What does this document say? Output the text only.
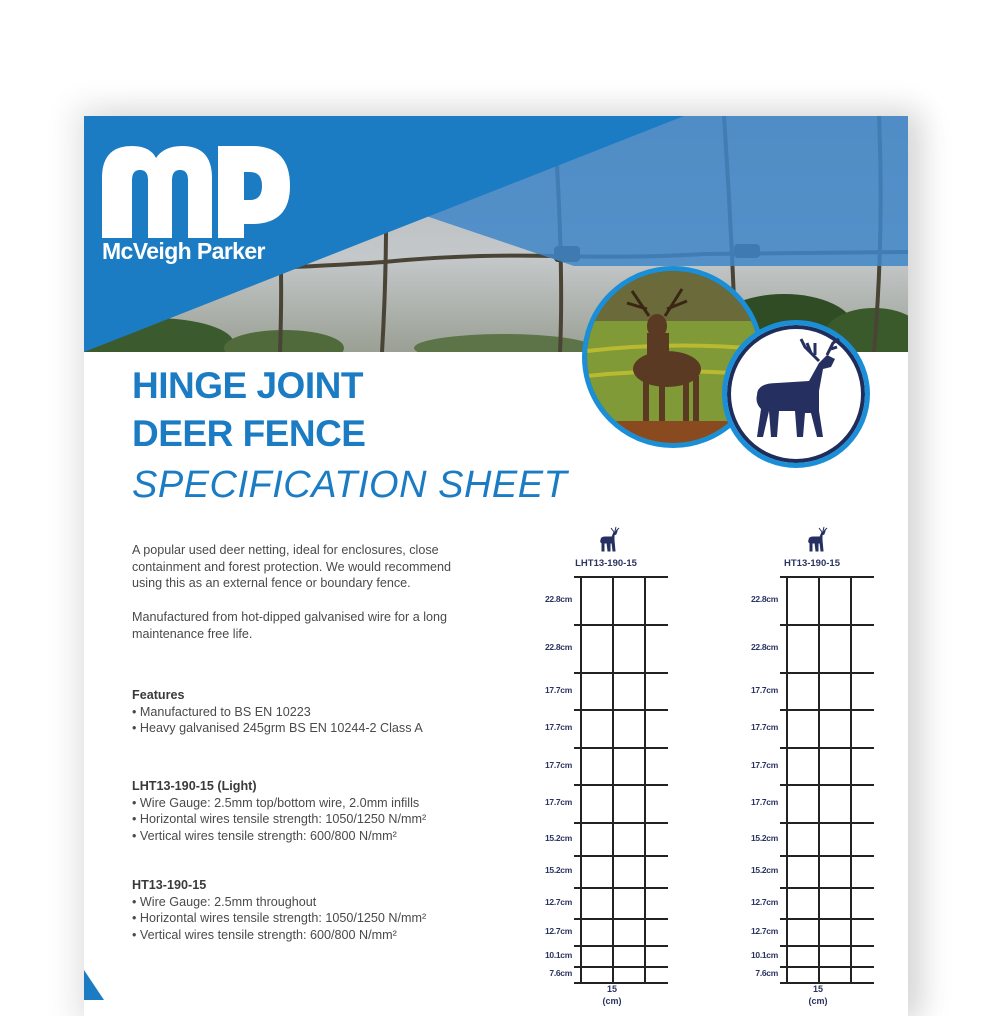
McVeigh Parker
HINGE JOINT
DEER FENCE
SPECIFICATION SHEET
A popular used deer netting, ideal for enclosures, close
containment and forest protection. We would recommend
using this as an external fence or boundary fence.
Manufactured from hot-dipped galvanised wire for a long
maintenance free life.
Features
• Manufactured to BS EN 10223
• Heavy galvanised 245grm BS EN 10244-2 Class A
LHT13-190-15 (Light)
• Wire Gauge: 2.5mm top/bottom wire, 2.0mm infills
• Horizontal wires tensile strength: 1050/1250 N/mm²
• Vertical wires tensile strength: 600/800 N/mm²
HT13-190-15
• Wire Gauge: 2.5mm throughout
• Horizontal wires tensile strength: 1050/1250 N/mm²
• Vertical wires tensile strength: 600/800 N/mm²
LHT13-190-15
22.8cm
22.8cm
17.7cm
17.7cm
17.7cm
17.7cm
15.2cm
15.2cm
12.7cm
12.7cm
10.1cm
7.6cm
15
(cm)
HT13-190-15
22.8cm
22.8cm
17.7cm
17.7cm
17.7cm
17.7cm
15.2cm
15.2cm
12.7cm
12.7cm
10.1cm
7.6cm
15
(cm)
